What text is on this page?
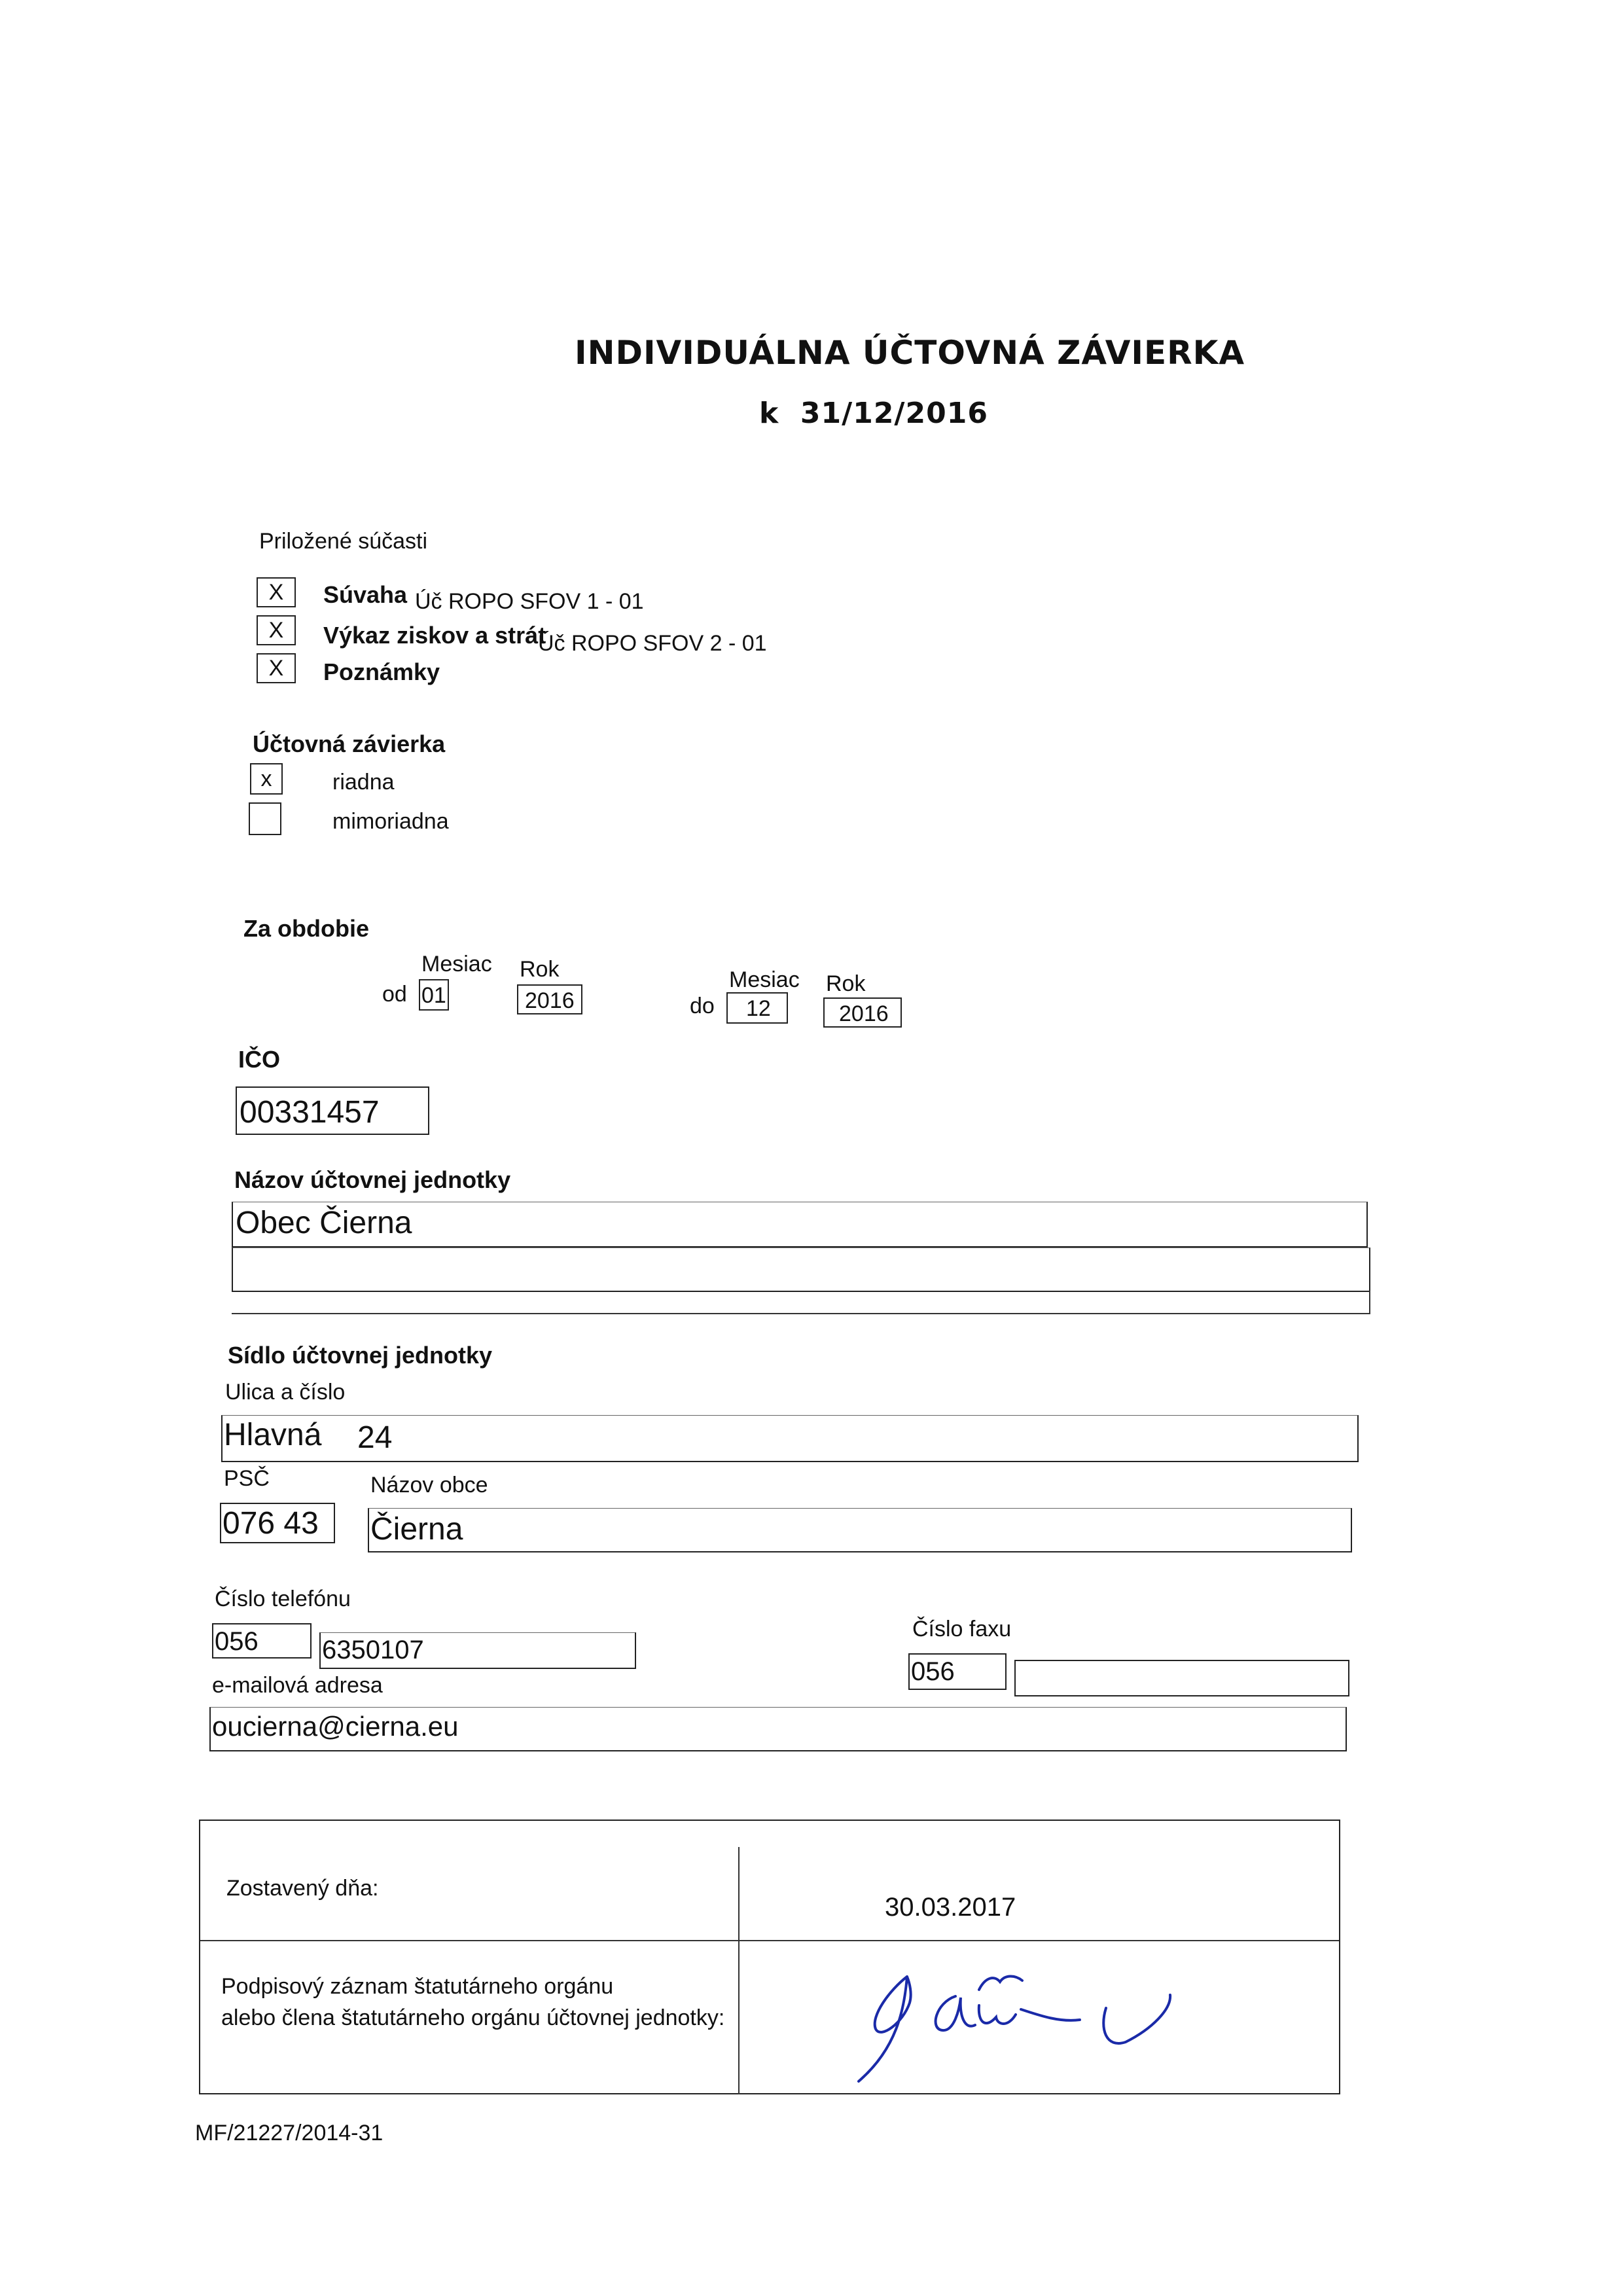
INDIVIDUÁLNA ÚČTOVNÁ ZÁVIERKA
k  31/12/2016
Priložené súčasti
X	Súvaha Úč ROPO SFOV 1 - 01
X	Výkaz ziskov a strát
Úč ROPO SFOV 2 - 01
X	Poznámky
Účtovná závierka
x	riadna
mimoriadna
Za obdobie
Mesiac Rok
od 01	2016
Mesiac Rok
do	12	2016
IČO
00331457
Názov účtovnej jednotky
Obec Čierna
Sídlo účtovnej jednotky
Ulica a číslo
Hlavná 24
PSČ	Názov obce
076 43	Čierna
Číslo telefónu
056 6350107
Číslo faxu
056
e-mailová adresa
oucierna@cierna.eu
Zostavený dňa:
30.03.2017
Podpisový záznam štatutárneho orgánu
alebo člena štatutárneho orgánu účtovnej jednotky:
MF/21227/2014-31
